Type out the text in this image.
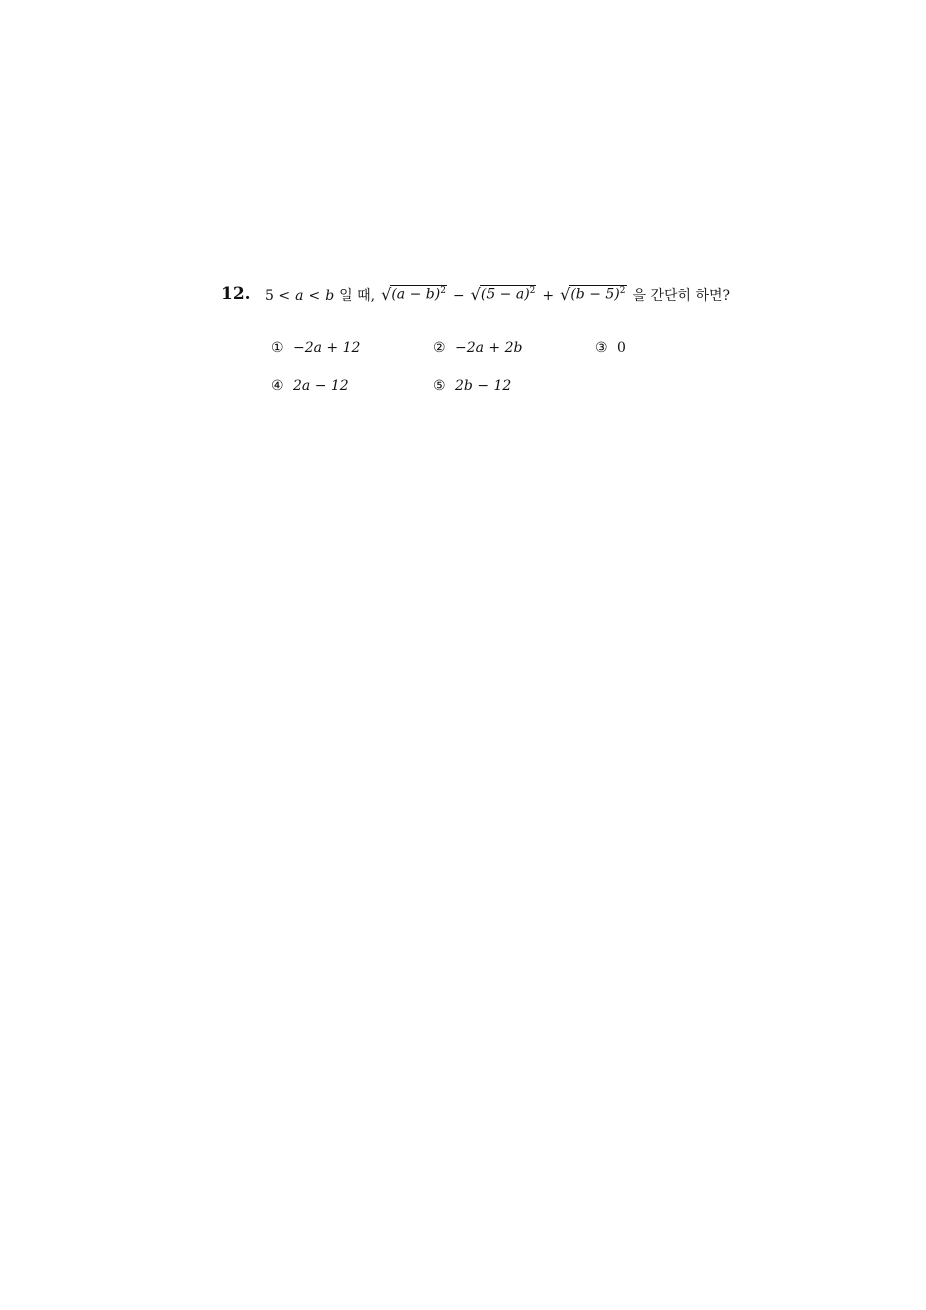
12. 5 < a < b 일 때, √ $(a - b)^2$ − √ $(5 - a)^2$ + √ $(b - 5)^2$ 을 간단히 하면?
① −2a + 12	② −2a + 2b	③ 0
④ 2a − 12	⑤ 2b − 12
